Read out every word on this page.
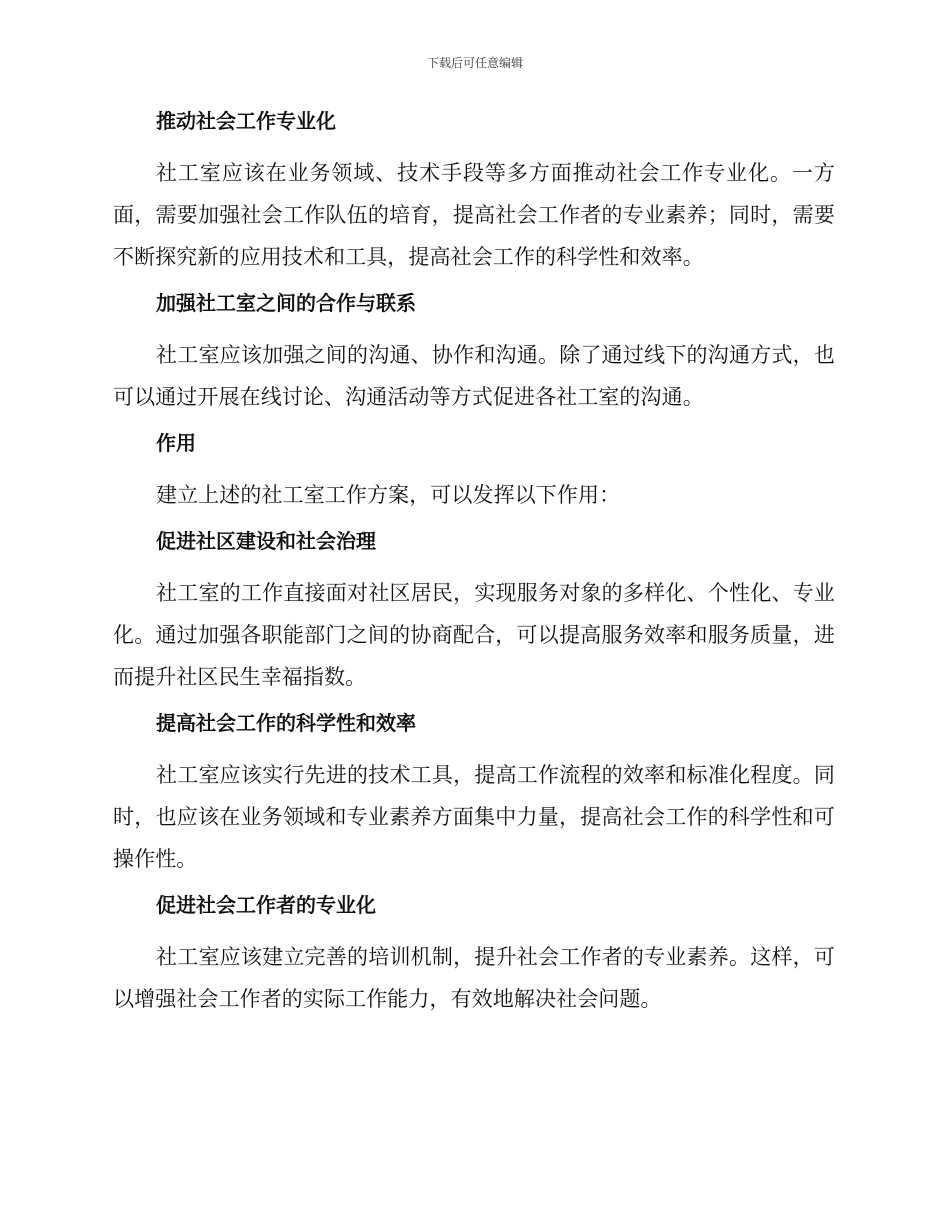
下载后可任意编辑
推动社会工作专业化

社工室应该在业务领域、技术手段等多方面推动社会工作专业化。一方面，需要加强社会工作队伍的培育，提高社会工作者的专业素养；同时，需要不断探究新的应用技术和工具，提高社会工作的科学性和效率。

加强社工室之间的合作与联系

社工室应该加强之间的沟通、协作和沟通。除了通过线下的沟通方式，也可以通过开展在线讨论、沟通活动等方式促进各社工室的沟通。

作用

建立上述的社工室工作方案，可以发挥以下作用：

促进社区建设和社会治理

社工室的工作直接面对社区居民，实现服务对象的多样化、个性化、专业化。通过加强各职能部门之间的协商配合，可以提高服务效率和服务质量，进而提升社区民生幸福指数。

提高社会工作的科学性和效率

社工室应该实行先进的技术工具，提高工作流程的效率和标准化程度。同时，也应该在业务领域和专业素养方面集中力量，提高社会工作的科学性和可操作性。

促进社会工作者的专业化

社工室应该建立完善的培训机制，提升社会工作者的专业素养。这样，可以增强社会工作者的实际工作能力，有效地解决社会问题。
